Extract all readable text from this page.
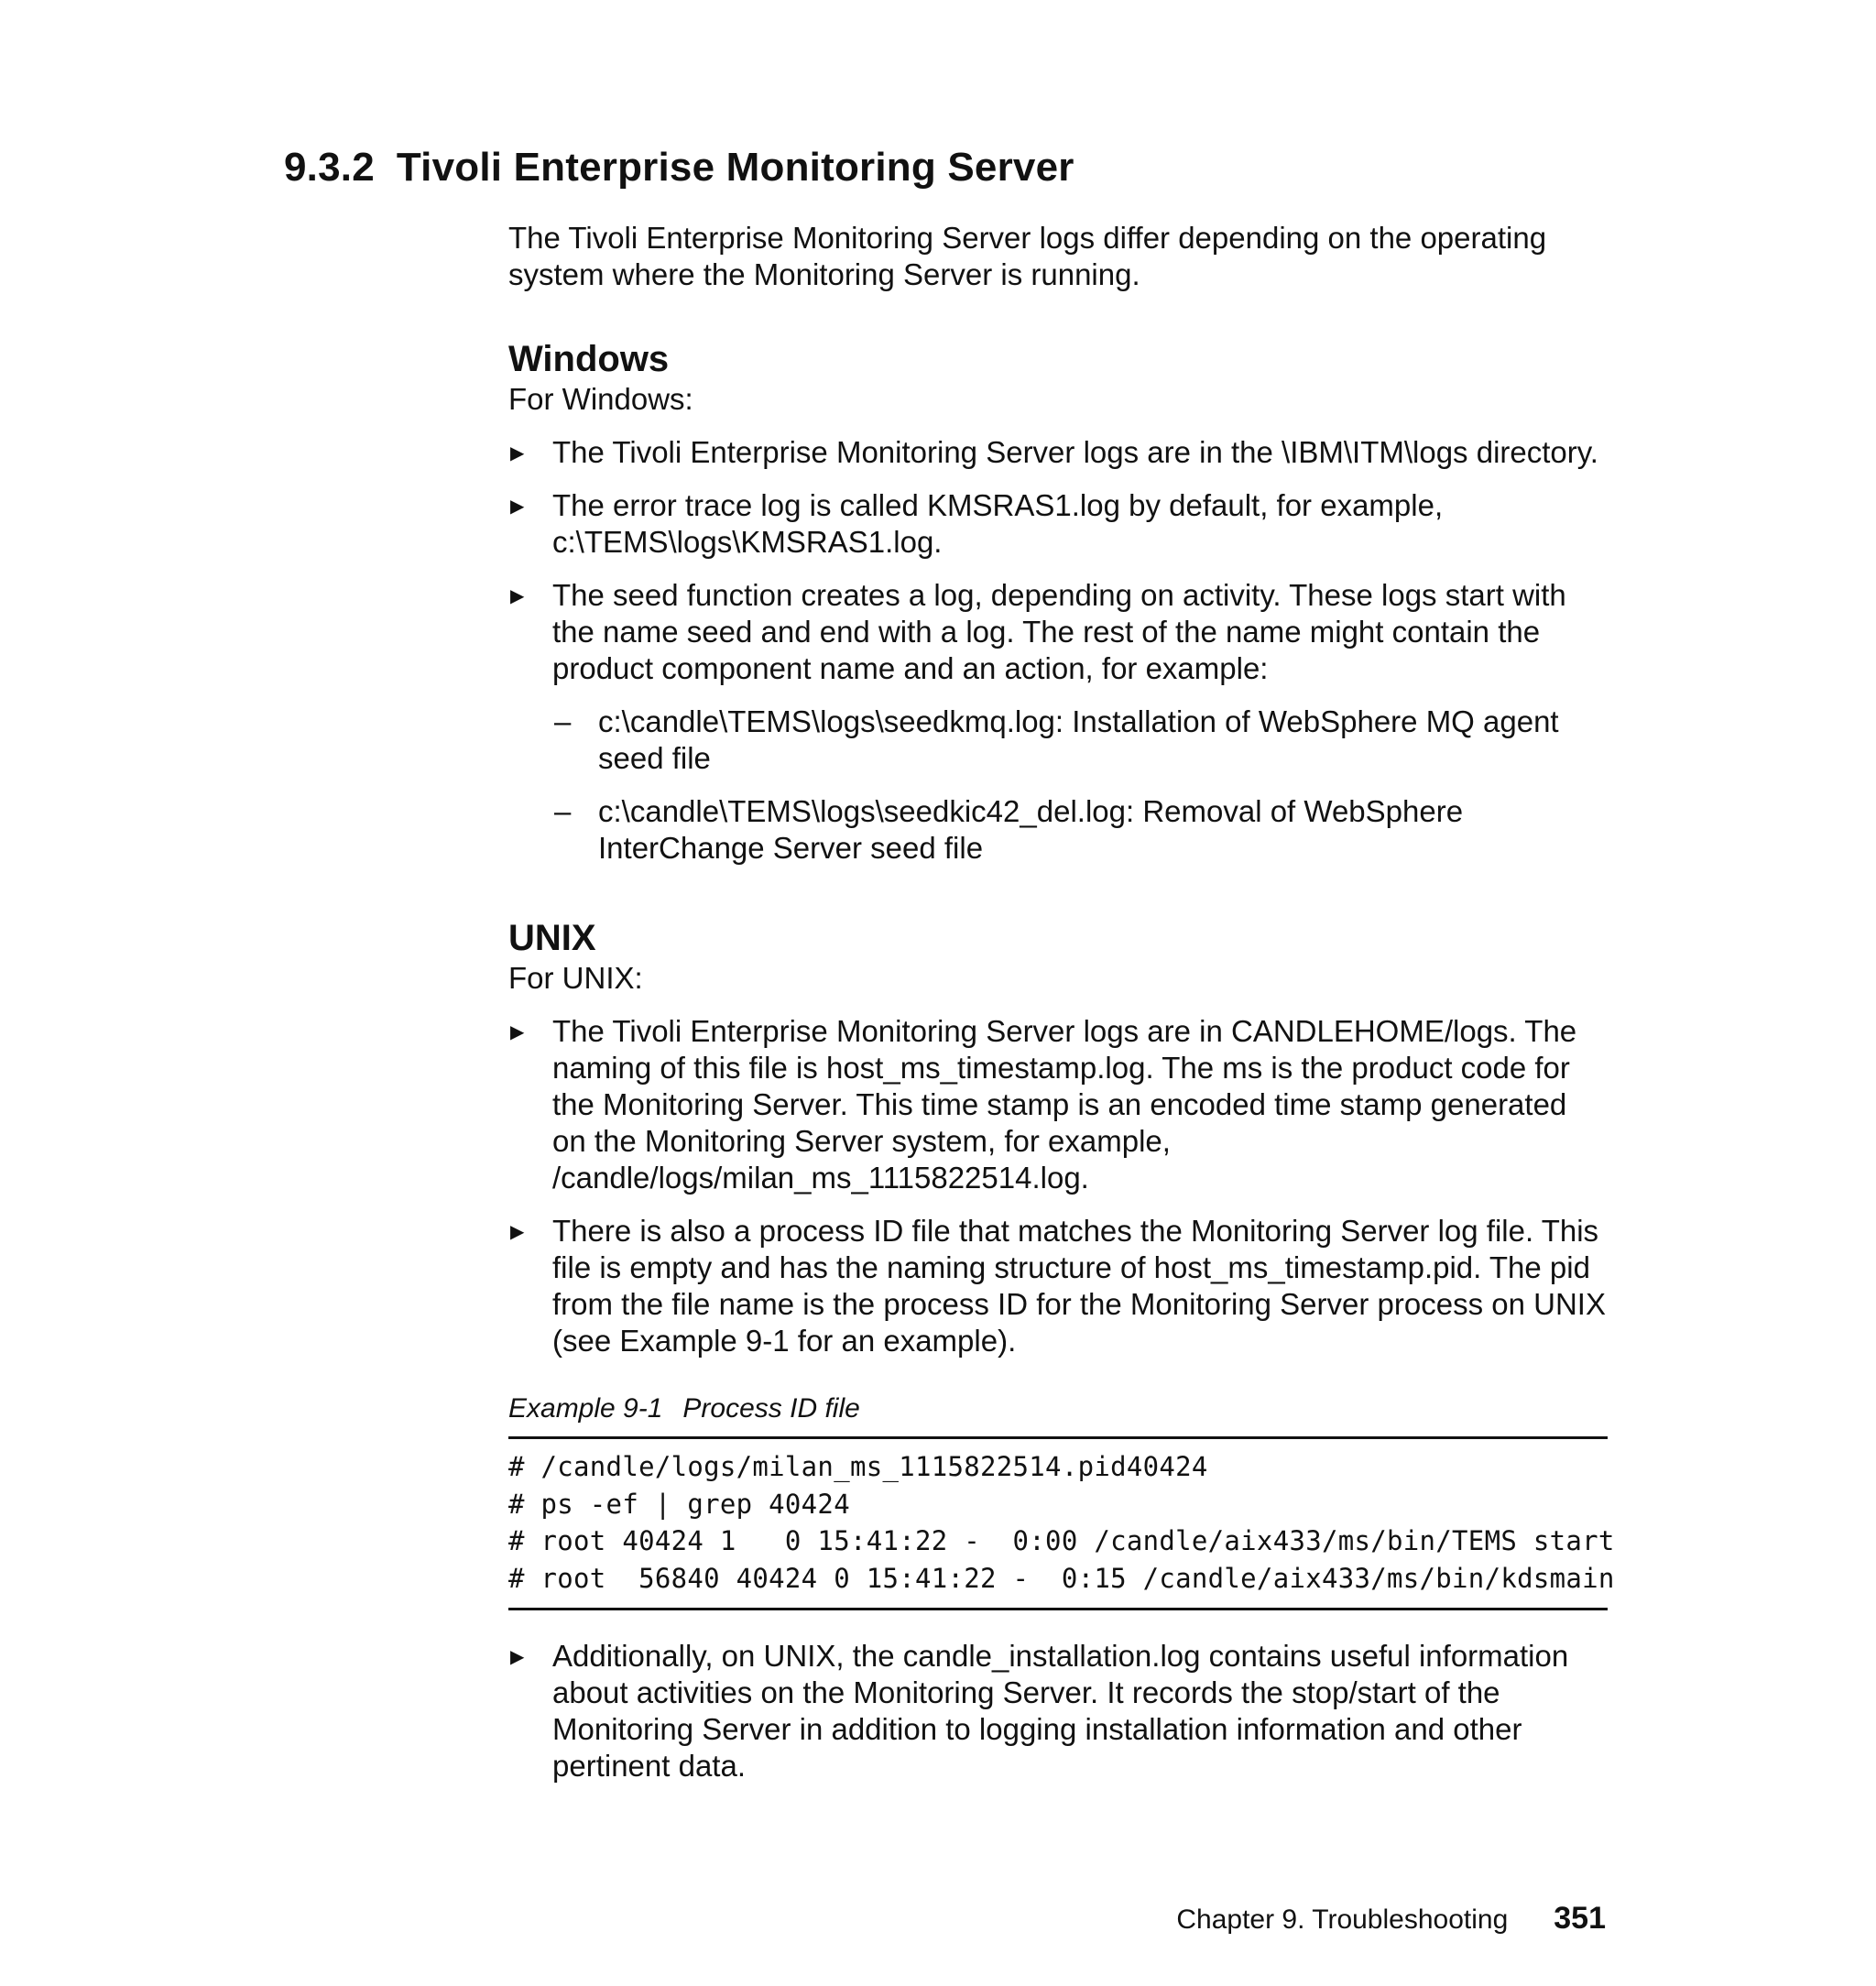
9.3.2 Tivoli Enterprise Monitoring Server

The Tivoli Enterprise Monitoring Server logs differ depending on the operating system where the Monitoring Server is running.

Windows

For Windows:

▶ The Tivoli Enterprise Monitoring Server logs are in the \IBM\ITM\logs directory.
▶ The error trace log is called KMSRAS1.log by default, for example, c:\TEMS\logs\KMSRAS1.log.
▶ The seed function creates a log, depending on activity. These logs start with the name seed and end with a log. The rest of the name might contain the product component name and an action, for example:
– c:\candle\TEMS\logs\seedkmq.log: Installation of WebSphere MQ agent seed file
– c:\candle\TEMS\logs\seedkic42_del.log: Removal of WebSphere InterChange Server seed file
UNIX

For UNIX:

▶ The Tivoli Enterprise Monitoring Server logs are in CANDLEHOME/logs. The naming of this file is host_ms_timestamp.log. The ms is the product code for the Monitoring Server. This time stamp is an encoded time stamp generated on the Monitoring Server system, for example, /candle/logs/milan_ms_1115822514.log.
▶ There is also a process ID file that matches the Monitoring Server log file. This file is empty and has the naming structure of host_ms_timestamp.pid. The pid from the file name is the process ID for the Monitoring Server process on UNIX (see Example 9-1 for an example).

Example 9-1 Process ID file

# /candle/logs/milan_ms_1115822514.pid40424
# ps -ef | grep 40424
# root 40424 1   0 15:41:22 -  0:00 /candle/aix433/ms/bin/TEMS start
# root  56840 40424 0 15:41:22 -  0:15 /candle/aix433/ms/bin/kdsmain
▶ Additionally, on UNIX, the candle_installation.log contains useful information about activities on the Monitoring Server. It records the stop/start of the Monitoring Server in addition to logging installation information and other pertinent data.
Chapter 9. Troubleshooting 351
